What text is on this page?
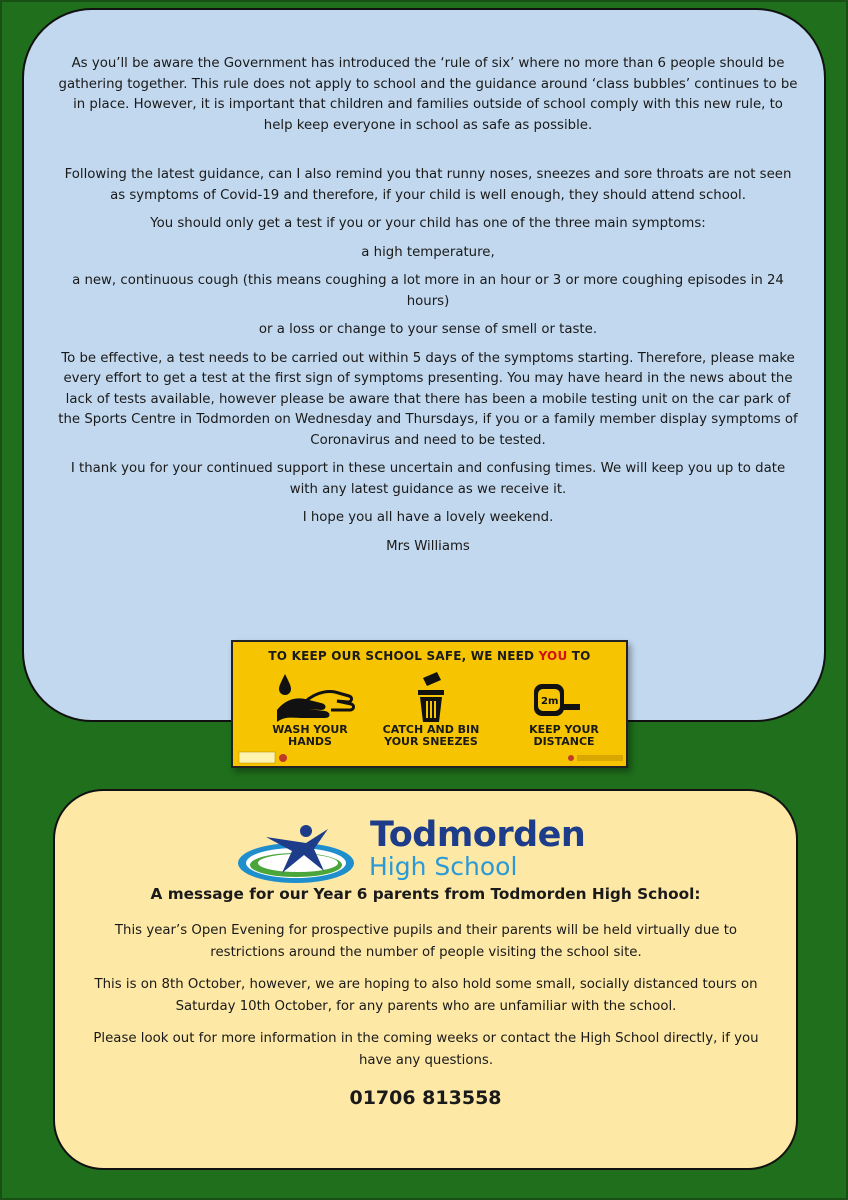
As you’ll be aware the Government has introduced the ‘rule of six’ where no more than 6 people should be gathering together. This rule does not apply to school and the guidance around ‘class bubbles’ continues to be in place. However, it is important that children and families outside of school comply with this new rule, to help keep everyone in school as safe as possible.

Following the latest guidance, can I also remind you that runny noses, sneezes and sore throats are not seen as symptoms of Covid-19 and therefore, if your child is well enough, they should attend school.

You should only get a test if you or your child has one of the three main symptoms:

a high temperature,

a new, continuous cough (this means coughing a lot more in an hour or 3 or more coughing episodes in 24 hours)

or a loss or change to your sense of smell or taste.

To be effective, a test needs to be carried out within 5 days of the symptoms starting. Therefore, please make every effort to get a test at the first sign of symptoms presenting. You may have heard in the news about the lack of tests available, however please be aware that there has been a mobile testing unit on the car park of the Sports Centre in Todmorden on Wednesday and Thursdays, if you or a family member display symptoms of Coronavirus and need to be tested.

I thank you for your continued support in these uncertain and confusing times. We will keep you up to date with any latest guidance as we receive it.

I hope you all have a lovely weekend.

Mrs Williams

TO KEEP OUR SCHOOL SAFE, WE NEED YOU TO
WASH YOUR
HANDS
CATCH AND BIN
YOUR SNEEZES
2m
KEEP YOUR
DISTANCE
Todmorden
High School
A message for our Year 6 parents from Todmorden High School:

This year’s Open Evening for prospective pupils and their parents will be held virtually due to restrictions around the number of people visiting the school site.

This is on 8th October, however, we are hoping to also hold some small, socially distanced tours on Saturday 10th October, for any parents who are unfamiliar with the school.

Please look out for more information in the coming weeks or contact the High School directly, if you have any questions.

01706 813558
